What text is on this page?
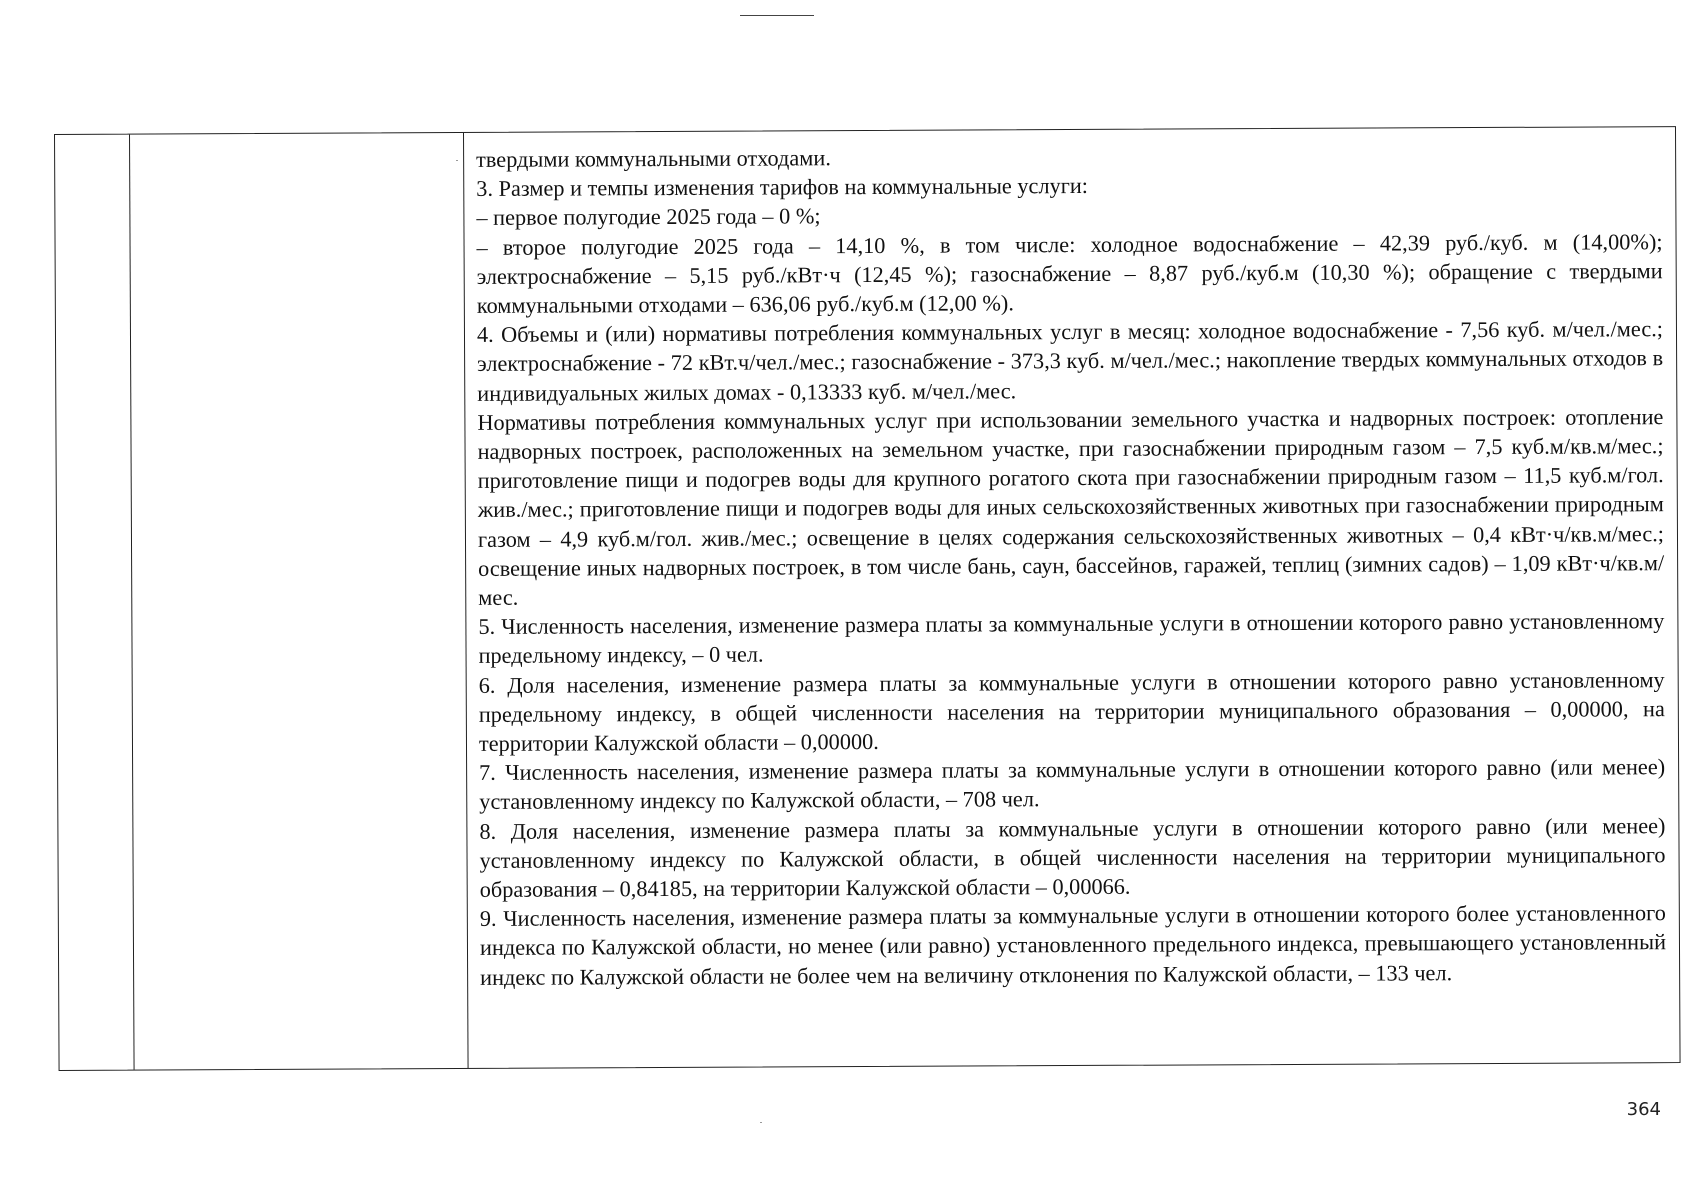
твердыми коммунальными отходами.

3. Размер и темпы изменения тарифов на коммунальные услуги:

– первое полугодие 2025 года – 0 %;

– второе полугодие 2025 года – 14,10 %, в том числе: холодное водоснабжение – 42,39 руб./куб. м (14,00%); электроснабжение – 5,15 руб./кВт·ч (12,45 %); газоснабжение – 8,87 руб./куб.м (10,30 %); обращение с твердыми коммунальными отходами – 636,06 руб./куб.м (12,00 %).

4. Объемы и (или) нормативы потребления коммунальных услуг в месяц: холодное водоснабжение - 7,56 куб. м/чел./мес.; электроснабжение - 72 кВт.ч/чел./мес.; газоснабжение - 373,3 куб. м/чел./мес.; накопление твердых коммунальных отходов в индивидуальных жилых домах - 0,13333 куб. м/чел./мес.

Нормативы потребления коммунальных услуг при использовании земельного участка и надворных построек: отопление надворных построек, расположенных на земельном участке, при газоснабжении природным газом – 7,5 куб.м/кв.м/мес.; приготовление пищи и подогрев воды для крупного рогатого скота при газоснабжении природным газом – 11,5 куб.м/гол. жив./мес.; приготовление пищи и подогрев воды для иных сельскохозяйственных животных при газоснабжении природным газом – 4,9 куб.м/гол. жив./мес.; освещение в целях содержания сельскохозяйственных животных – 0,4 кВт·ч/кв.м/мес.; освещение иных надворных построек, в том числе бань, саун, бассейнов, гаражей, теплиц (зимних садов) – 1,09 кВт·ч/кв.м/мес.

5. Численность населения, изменение размера платы за коммунальные услуги в отношении которого равно установленному предельному индексу, – 0 чел.

6. Доля населения, изменение размера платы за коммунальные услуги в отношении которого равно установленному предельному индексу, в общей численности населения на территории муниципального образования – 0,00000, на территории Калужской области – 0,00000.

7. Численность населения, изменение размера платы за коммунальные услуги в отношении которого равно (или менее) установленному индексу по Калужской области, – 708 чел.

8. Доля населения, изменение размера платы за коммунальные услуги в отношении которого равно (или менее) установленному индексу по Калужской области, в общей численности населения на территории муниципального образования – 0,84185, на территории Калужской области – 0,00066.

9. Численность населения, изменение размера платы за коммунальные услуги в отношении которого более установленного индекса по Калужской области, но менее (или равно) установленного предельного индекса, превышающего установленный индекс по Калужской области не более чем на величину отклонения по Калужской области, – 133 чел.

364
